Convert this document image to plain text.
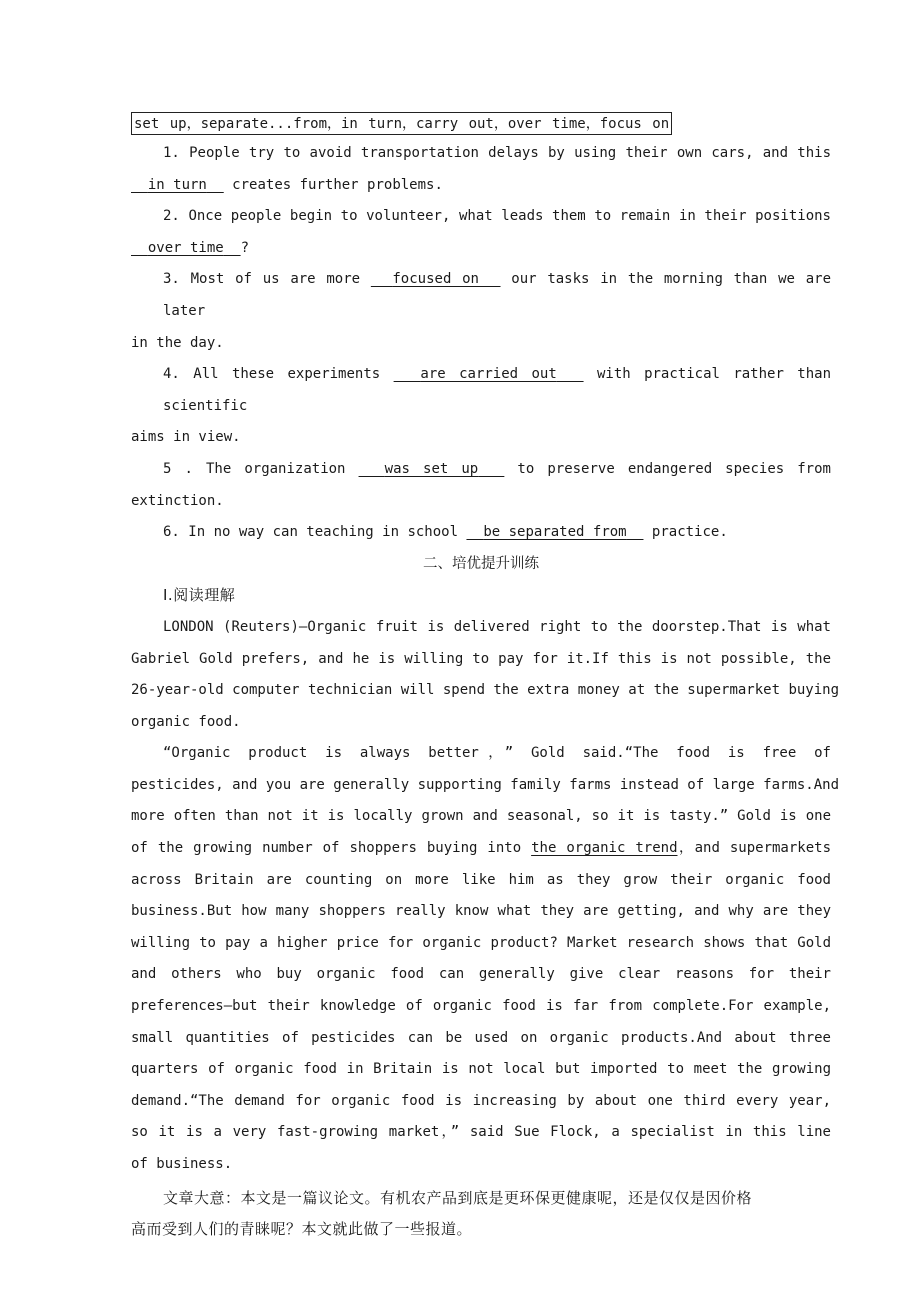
set up，separate...from，in turn，carry out，over time，focus on
1. People try to avoid transportation delays by using their own cars, and this
in turn creates further problems.
2. Once people begin to volunteer, what leads them to remain in their positions
over time ?
3. Most of us are more focused on our tasks in the morning than we are later
in the day.
4. All these experiments	are carried out	with practical rather than scientific
aims in view.
5 . The organization	was set up	to preserve endangered species from
extinction.
6. In no way can teaching in school be separated from practice.
二、培优提升训练
Ⅰ.阅读理解
LONDON (Reuters)—Organic fruit is delivered right to the doorstep.That is what
Gabriel Gold prefers, and he is willing to pay for it.If this is not possible, the
26-year-old computer technician will spend the extra money at the supermarket buying
organic food.
“Organic product is always better，” Gold said.“The food is free of
pesticides, and you are generally supporting family farms instead of large farms.And
more often than not it is locally grown and seasonal, so it is tasty.” Gold is one
of the growing number of shoppers buying into the organic trend，and supermarkets
across Britain are counting on more like him as they grow their organic food
business.But how many shoppers really know what they are getting, and why are they
willing to pay a higher price for organic product? Market research shows that Gold
and others who buy organic food can generally give clear reasons for their
preferences—but their knowledge of organic food is far from complete.For example,
small quantities of pesticides can be used on organic products.And about three
quarters of organic food in Britain is not local but imported to meet the growing
demand.“The demand for organic food is increasing by about one third every year,
so it is a very fast-growing market，” said Sue Flock, a specialist in this line
of business.
文章大意：本文是一篇议论文。有机农产品到底是更环保更健康呢，还是仅仅是因价格
高而受到人们的青睐呢？本文就此做了一些报道。
